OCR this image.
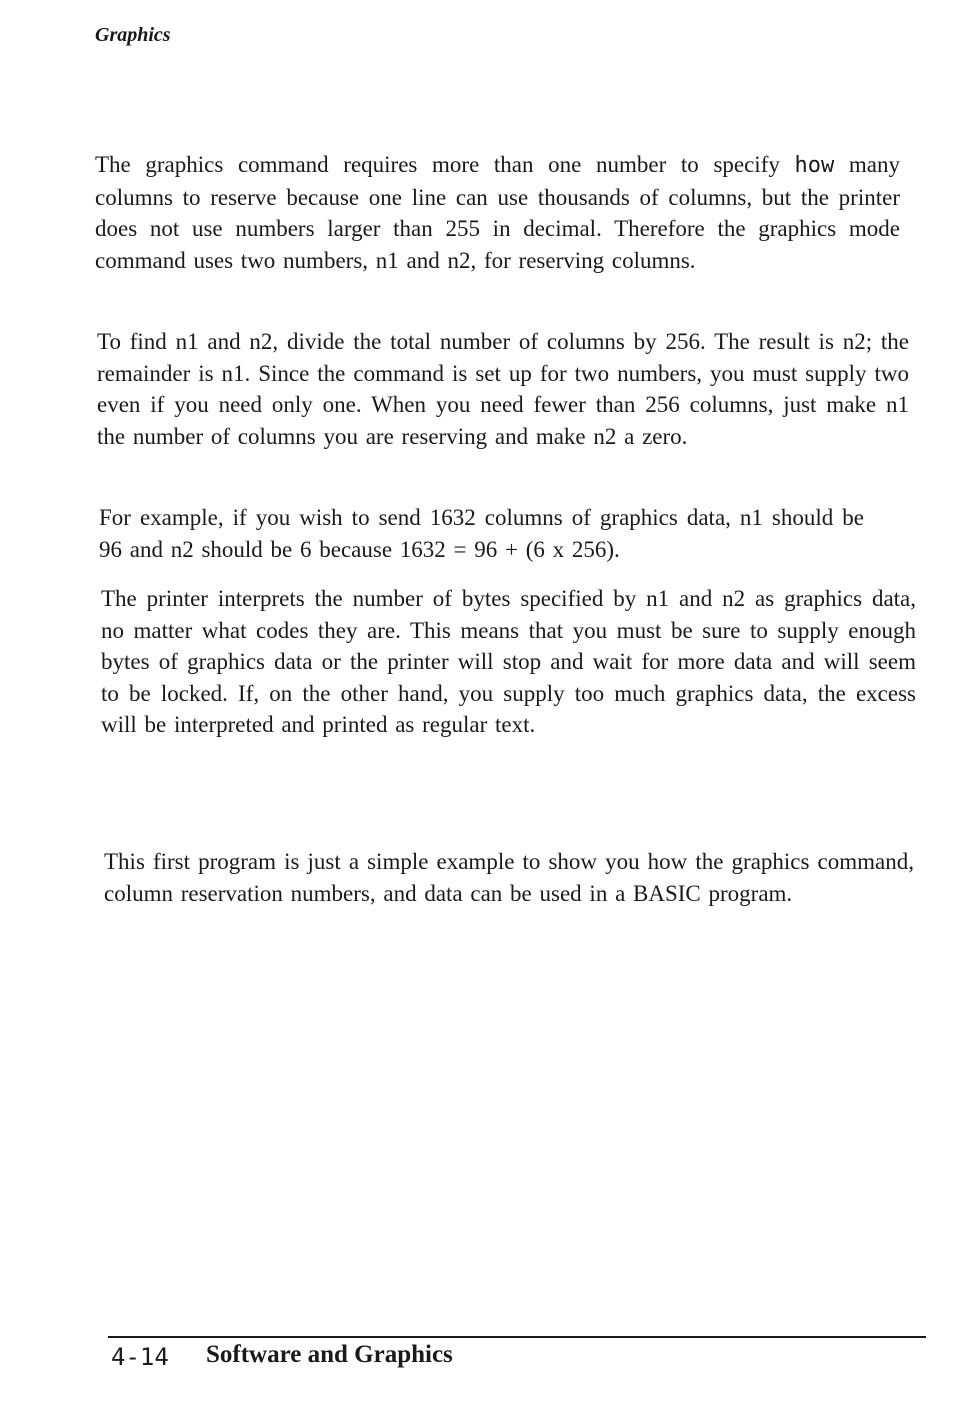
Graphics

The graphics command requires more than one number to specify how many columns to reserve because one line can use thousands of columns, but the printer does not use numbers larger than 255 in decimal. Therefore the graphics mode command uses two numbers, n1 and n2, for reserving columns.

To find n1 and n2, divide the total number of columns by 256. The result is n2; the remainder is n1. Since the command is set up for two numbers, you must supply two even if you need only one. When you need fewer than 256 columns, just make n1 the number of columns you are reserving and make n2 a zero.

For example, if you wish to send 1632 columns of graphics data, n1 should be 96 and n2 should be 6 because 1632 = 96 + (6 x 256).

The printer interprets the number of bytes specified by n1 and n2 as graphics data, no matter what codes they are. This means that you must be sure to supply enough bytes of graphics data or the printer will stop and wait for more data and will seem to be locked. If, on the other hand, you supply too much graphics data, the excess will be interpreted and printed as regular text.

This first program is just a simple example to show you how the graphics command, column reservation numbers, and data can be used in a BASIC program.

4-14 Software and Graphics
